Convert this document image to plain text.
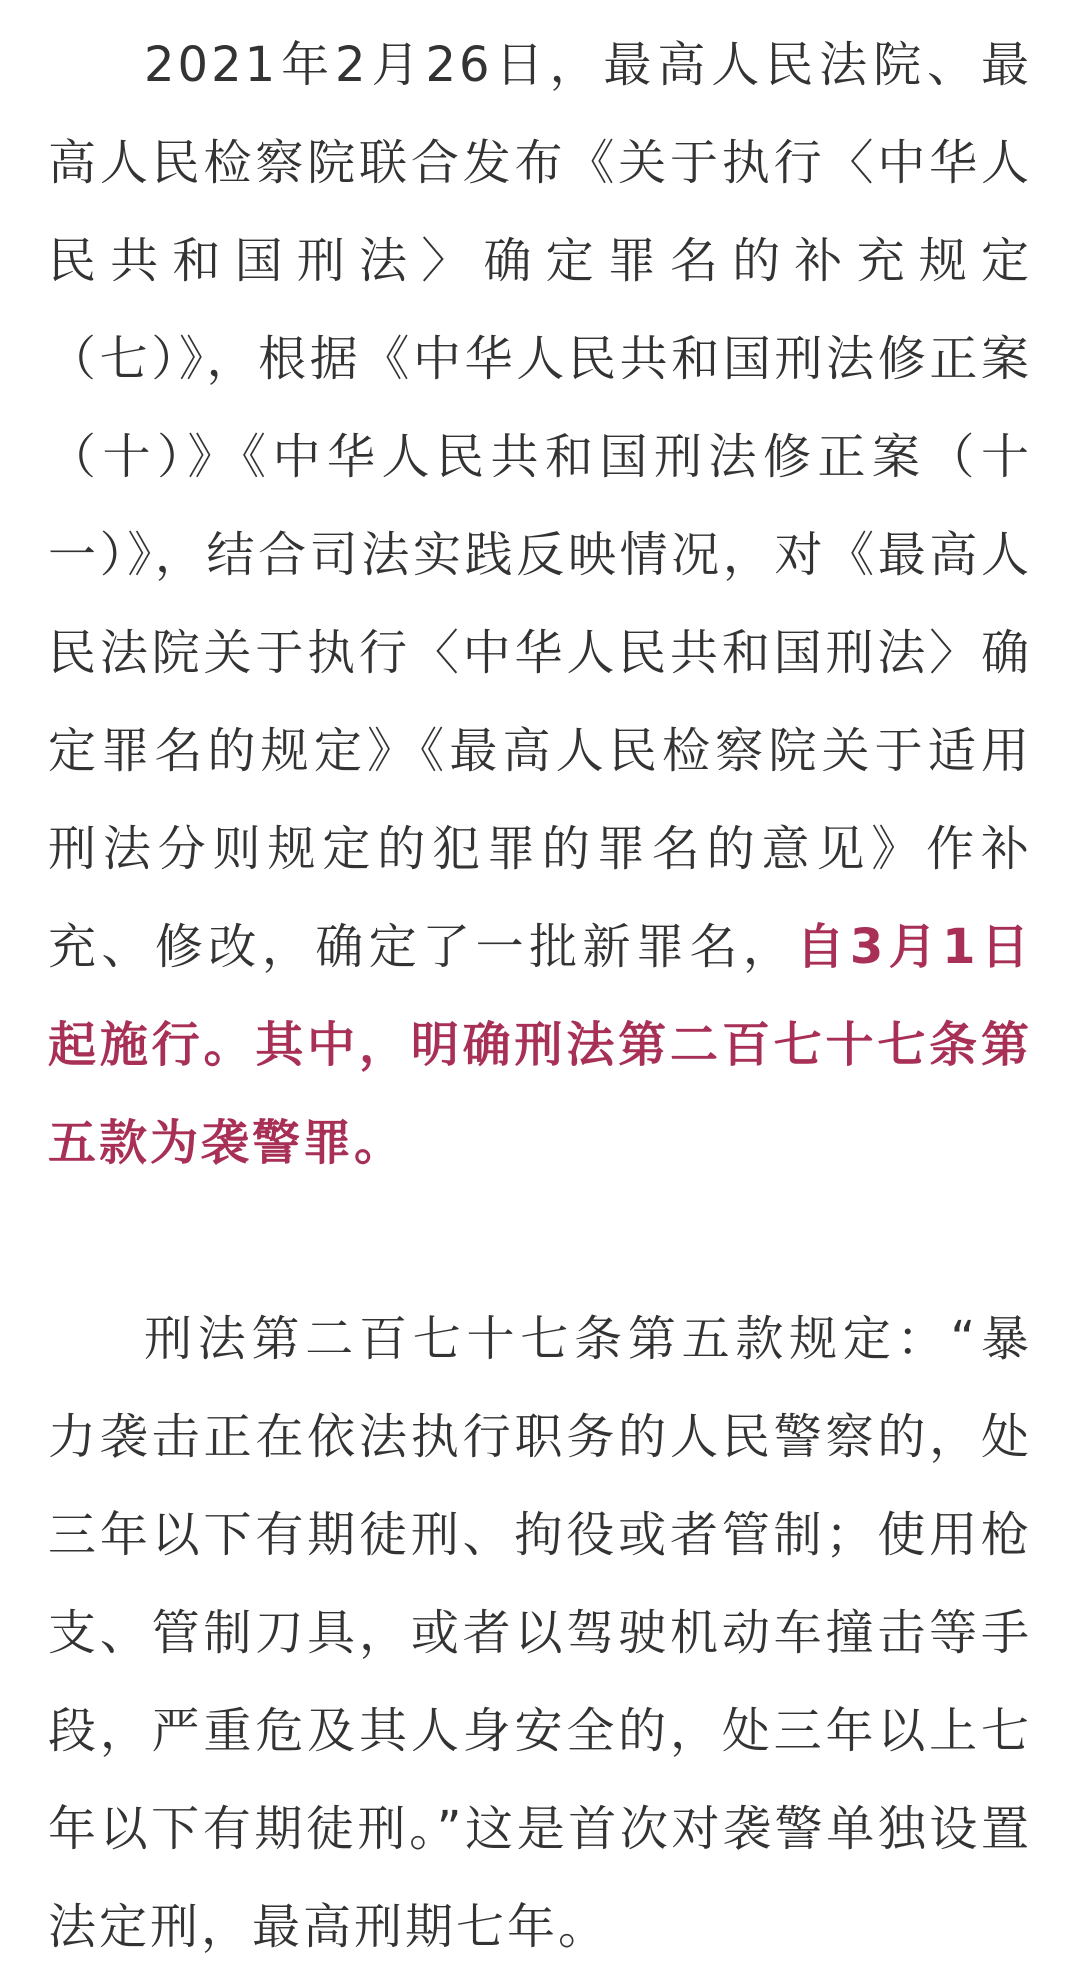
2021年2月26日，最高人民法院、最高人民检察院联合发布《关于执行〈中华人民共和国刑法〉确定罪名的补充规定（七）》，根据《中华人民共和国刑法修正案（十）》《中华人民共和国刑法修正案（十一）》，结合司法实践反映情况，对《最高人民法院关于执行〈中华人民共和国刑法〉确定罪名的规定》《最高人民检察院关于适用刑法分则规定的犯罪的罪名的意见》作补充、修改，确定了一批新罪名，自3月1日起施行。其中，明确刑法第二百七十七条第五款为袭警罪。

刑法第二百七十七条第五款规定：“暴力袭击正在依法执行职务的人民警察的，处三年以下有期徒刑、拘役或者管制；使用枪支、管制刀具，或者以驾驶机动车撞击等手段，严重危及其人身安全的，处三年以上七年以下有期徒刑。”这是首次对袭警单独设置法定刑，最高刑期七年。
